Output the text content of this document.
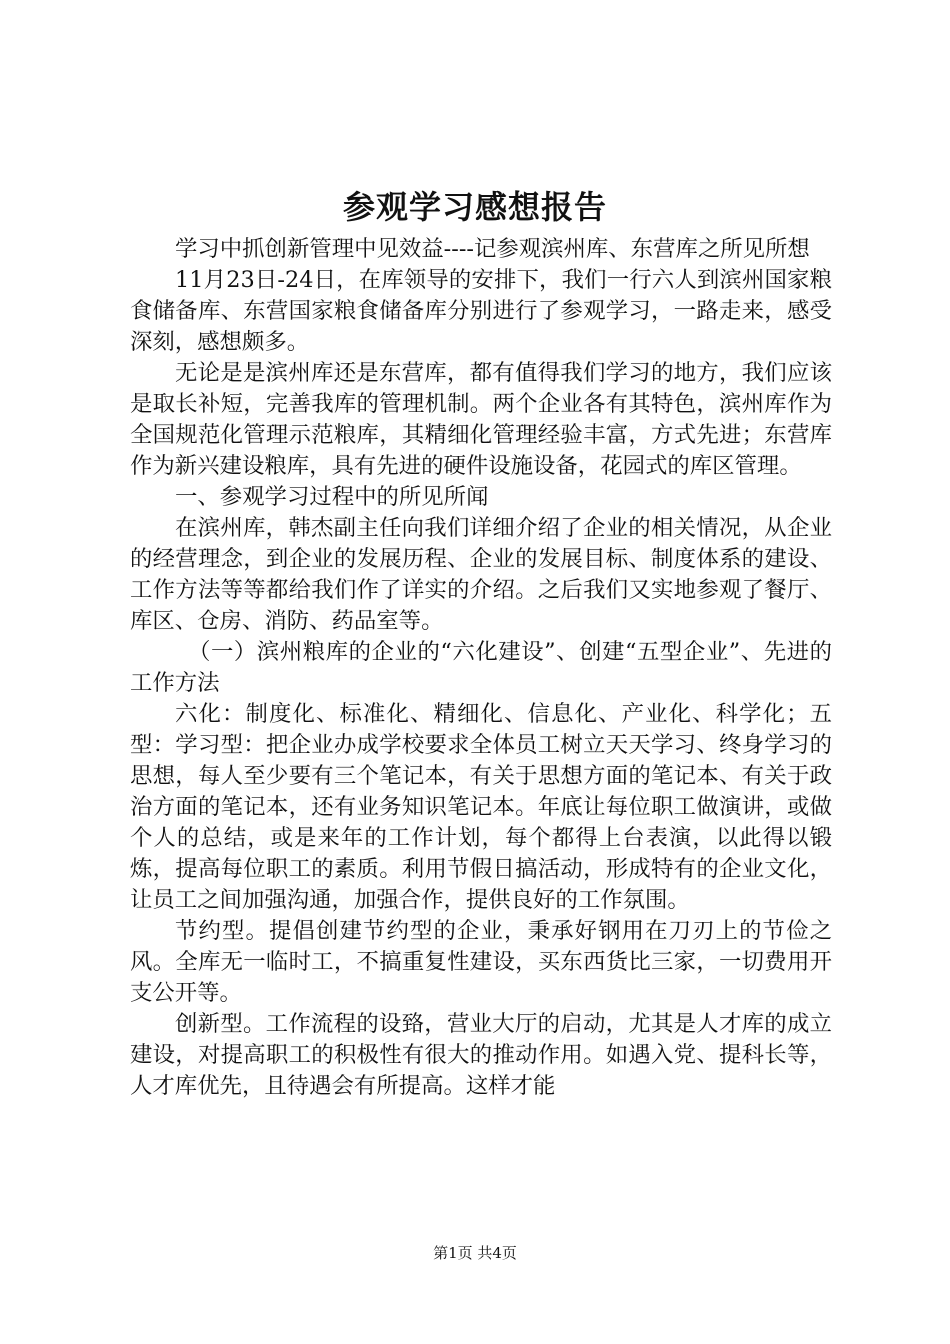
参观学习感想报告

学习中抓创新管理中见效益----记参观滨州库、东营库之所见所想

11月23日-24日，在库领导的安排下，我们一行六人到滨州国家粮食储备库、东营国家粮食储备库分别进行了参观学习，一路走来，感受深刻，感想颇多。

无论是是滨州库还是东营库，都有值得我们学习的地方，我们应该是取长补短，完善我库的管理机制。两个企业各有其特色，滨州库作为全国规范化管理示范粮库，其精细化管理经验丰富，方式先进；东营库作为新兴建设粮库，具有先进的硬件设施设备，花园式的库区管理。

一、参观学习过程中的所见所闻

在滨州库，韩杰副主任向我们详细介绍了企业的相关情况，从企业的经营理念，到企业的发展历程、企业的发展目标、制度体系的建设、工作方法等等都给我们作了详实的介绍。之后我们又实地参观了餐厅、库区、仓房、消防、药品室等。

（一）滨州粮库的企业的“六化建设”、创建“五型企业”、先进的工作方法

六化：制度化、标准化、精细化、信息化、产业化、科学化；五型：学习型：把企业办成学校要求全体员工树立天天学习、终身学习的思想，每人至少要有三个笔记本，有关于思想方面的笔记本、有关于政治方面的笔记本，还有业务知识笔记本。年底让每位职工做演讲，或做个人的总结，或是来年的工作计划，每个都得上台表演，以此得以锻炼，提高每位职工的素质。利用节假日搞活动，形成特有的企业文化，让员工之间加强沟通，加强合作，提供良好的工作氛围。

节约型。提倡创建节约型的企业，秉承好钢用在刀刃上的节俭之风。全库无一临时工，不搞重复性建设，买东西货比三家，一切费用开支公开等。

创新型。工作流程的设臵，营业大厅的启动，尤其是人才库的成立建设，对提高职工的积极性有很大的推动作用。如遇入党、提科长等，人才库优先，且待遇会有所提高。这样才能

第1页 共4页
